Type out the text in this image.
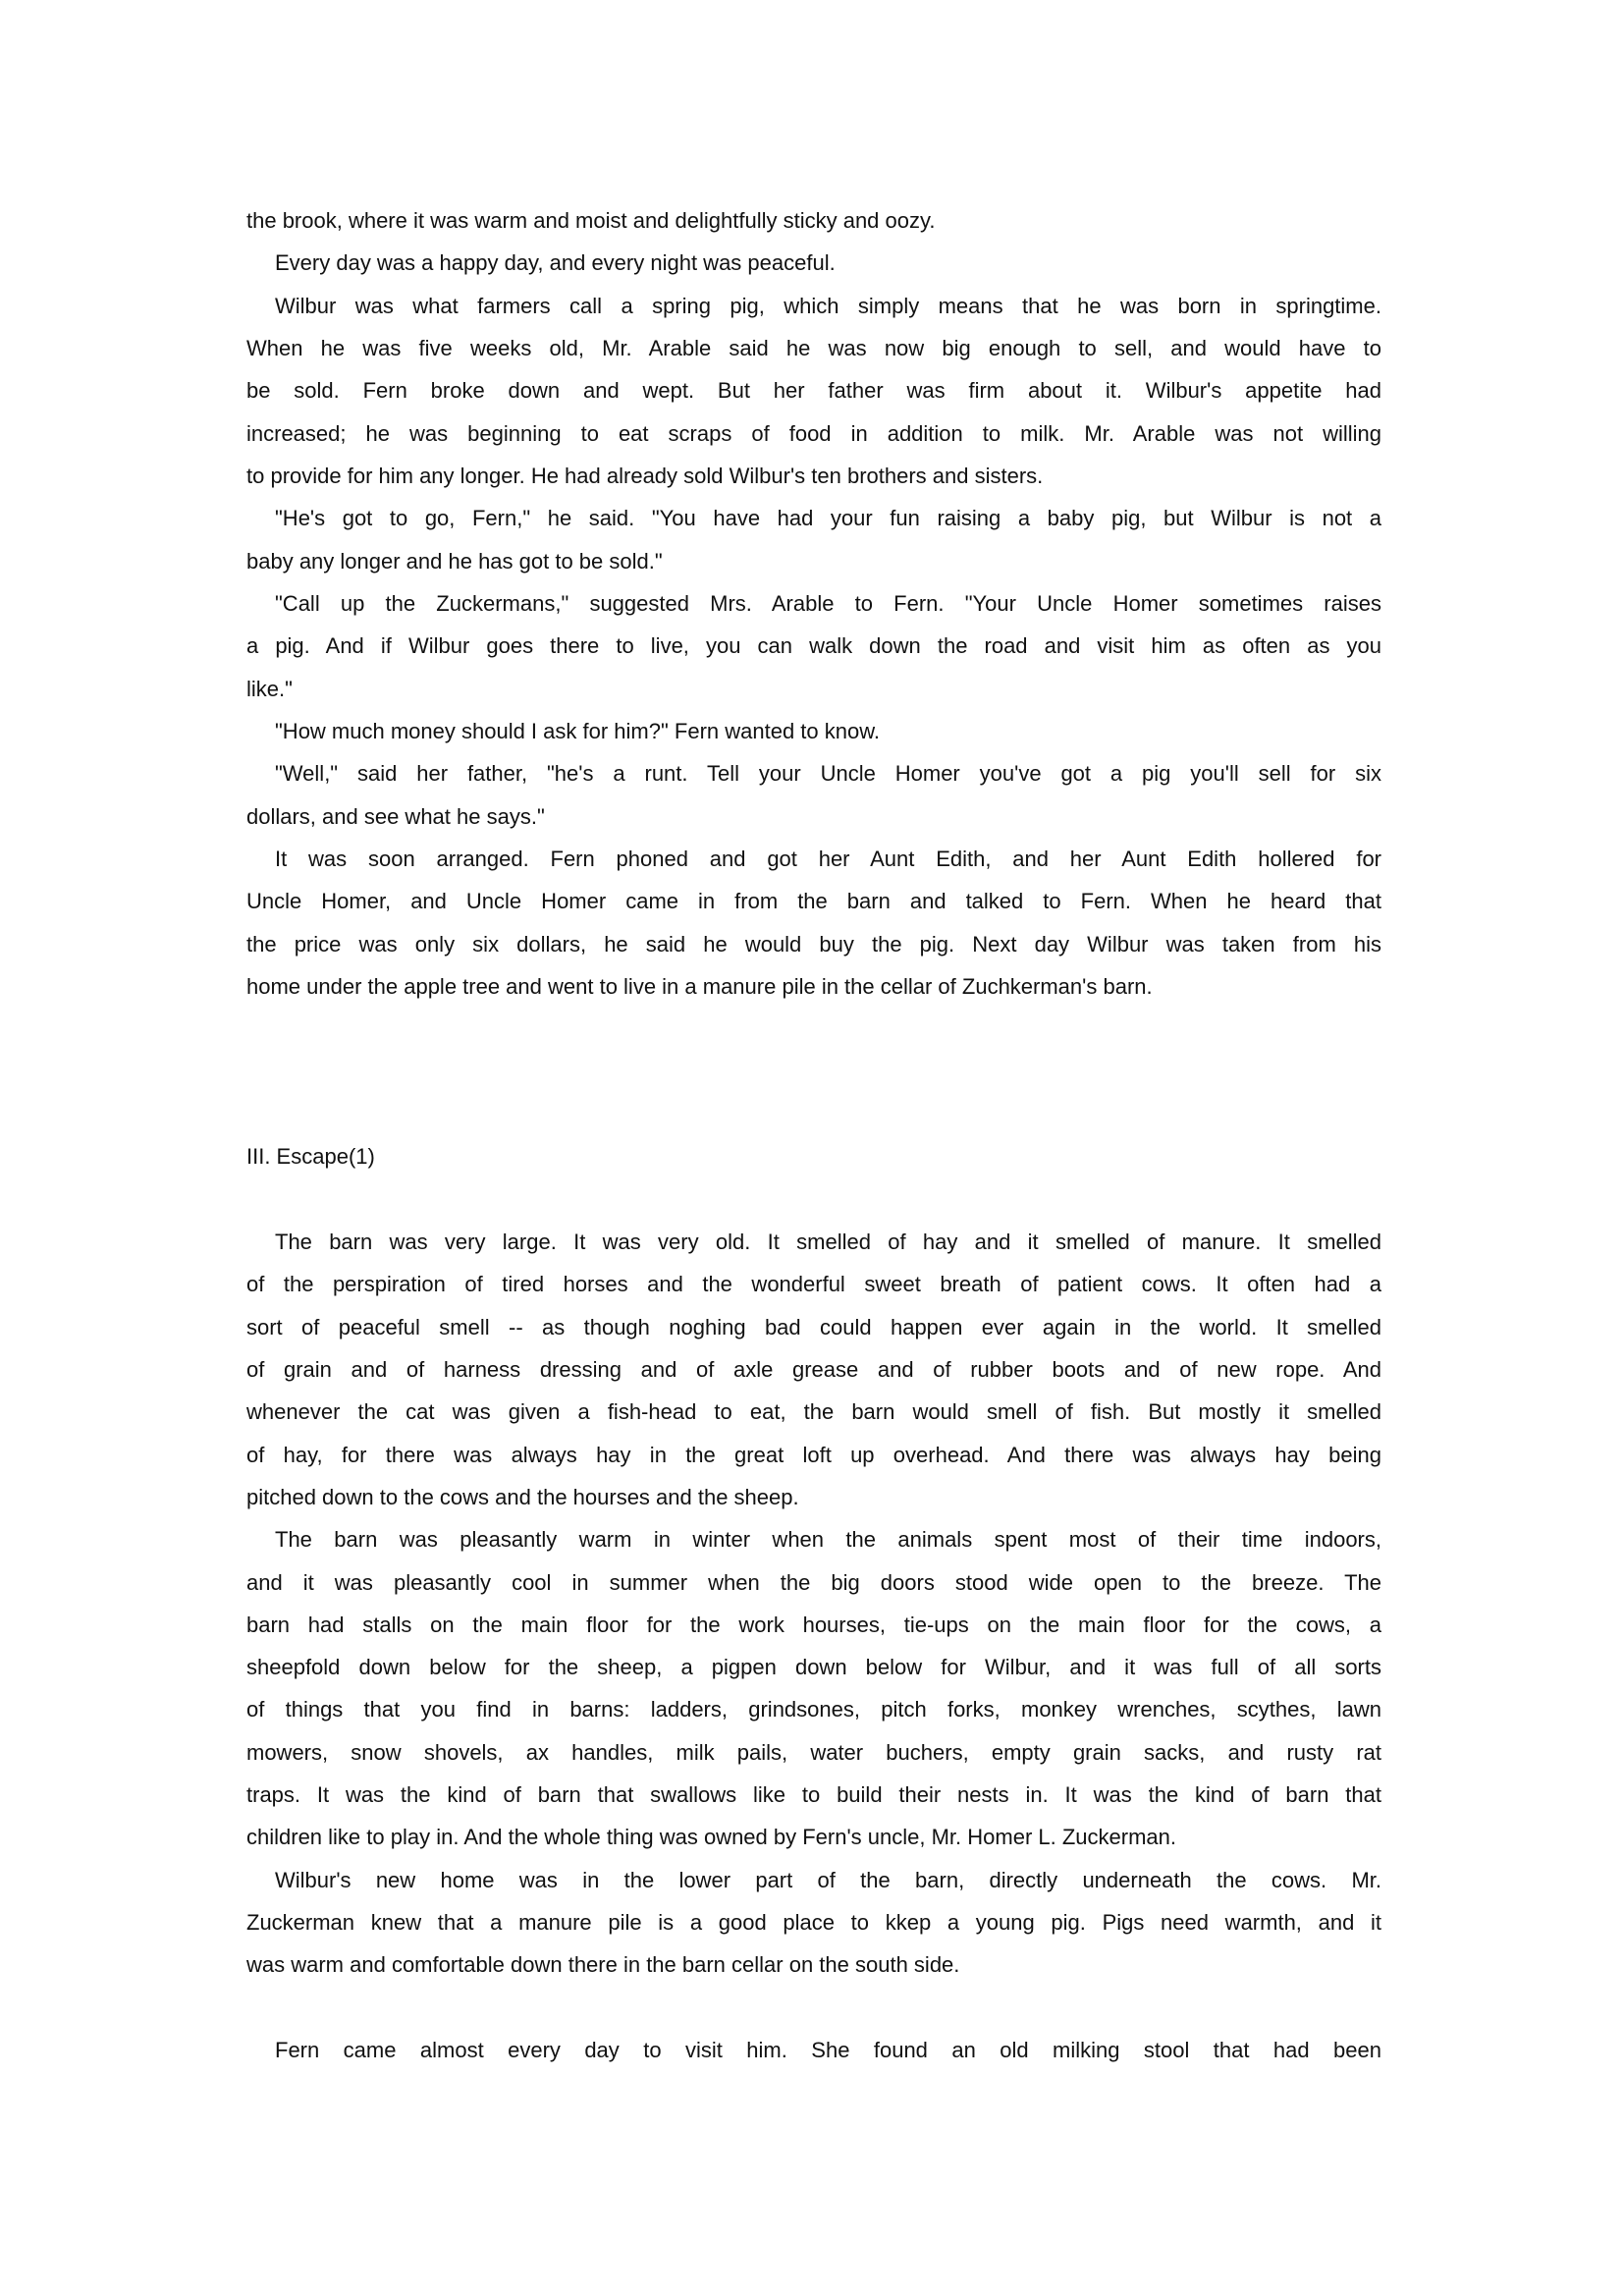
the brook, where it was warm and moist and delightfully sticky and oozy.
Every day was a happy day, and every night was peaceful.
Wilbur was what farmers call a spring pig, which simply means that he was born in springtime.
When he was five weeks old, Mr. Arable said he was now big enough to sell, and would have to
be sold. Fern broke down and wept. But her father was firm about it. Wilbur's appetite had
increased; he was beginning to eat scraps of food in addition to milk. Mr. Arable was not willing
to provide for him any longer. He had already sold Wilbur's ten brothers and sisters.
"He's got to go, Fern," he said. "You have had your fun raising a baby pig, but Wilbur is not a
baby any longer and he has got to be sold."
"Call up the Zuckermans," suggested Mrs. Arable to Fern. "Your Uncle Homer sometimes raises
a pig. And if Wilbur goes there to live, you can walk down the road and visit him as often as you
like."
"How much money should I ask for him?" Fern wanted to know.
"Well," said her father, "he's a runt. Tell your Uncle Homer you've got a pig you'll sell for six
dollars, and see what he says."
It was soon arranged. Fern phoned and got her Aunt Edith, and her Aunt Edith hollered for
Uncle Homer, and Uncle Homer came in from the barn and talked to Fern. When he heard that
the price was only six dollars, he said he would buy the pig. Next day Wilbur was taken from his
home under the apple tree and went to live in a manure pile in the cellar of Zuchkerman's barn.
III. Escape(1)
The barn was very large. It was very old. It smelled of hay and it smelled of manure. It smelled
of the perspiration of tired horses and the wonderful sweet breath of patient cows. It often had a
sort of peaceful smell -- as though noghing bad could happen ever again in the world. It smelled
of grain and of harness dressing and of axle grease and of rubber boots and of new rope. And
whenever the cat was given a fish-head to eat, the barn would smell of fish. But mostly it smelled
of hay, for there was always hay in the great loft up overhead. And there was always hay being
pitched down to the cows and the hourses and the sheep.
The barn was pleasantly warm in winter when the animals spent most of their time indoors,
and it was pleasantly cool in summer when the big doors stood wide open to the breeze. The
barn had stalls on the main floor for the work hourses, tie-ups on the main floor for the cows, a
sheepfold down below for the sheep, a pigpen down below for Wilbur, and it was full of all sorts
of things that you find in barns: ladders, grindsones, pitch forks, monkey wrenches, scythes, lawn
mowers, snow shovels, ax handles, milk pails, water buchers, empty grain sacks, and rusty rat
traps. It was the kind of barn that swallows like to build their nests in. It was the kind of barn that
children like to play in. And the whole thing was owned by Fern's uncle, Mr. Homer L. Zuckerman.
Wilbur's new home was in the lower part of the barn, directly underneath the cows. Mr.
Zuckerman knew that a manure pile is a good place to kkep a young pig. Pigs need warmth, and it
was warm and comfortable down there in the barn cellar on the south side.
Fern came almost every day to visit him. She found an old milking stool that had been
